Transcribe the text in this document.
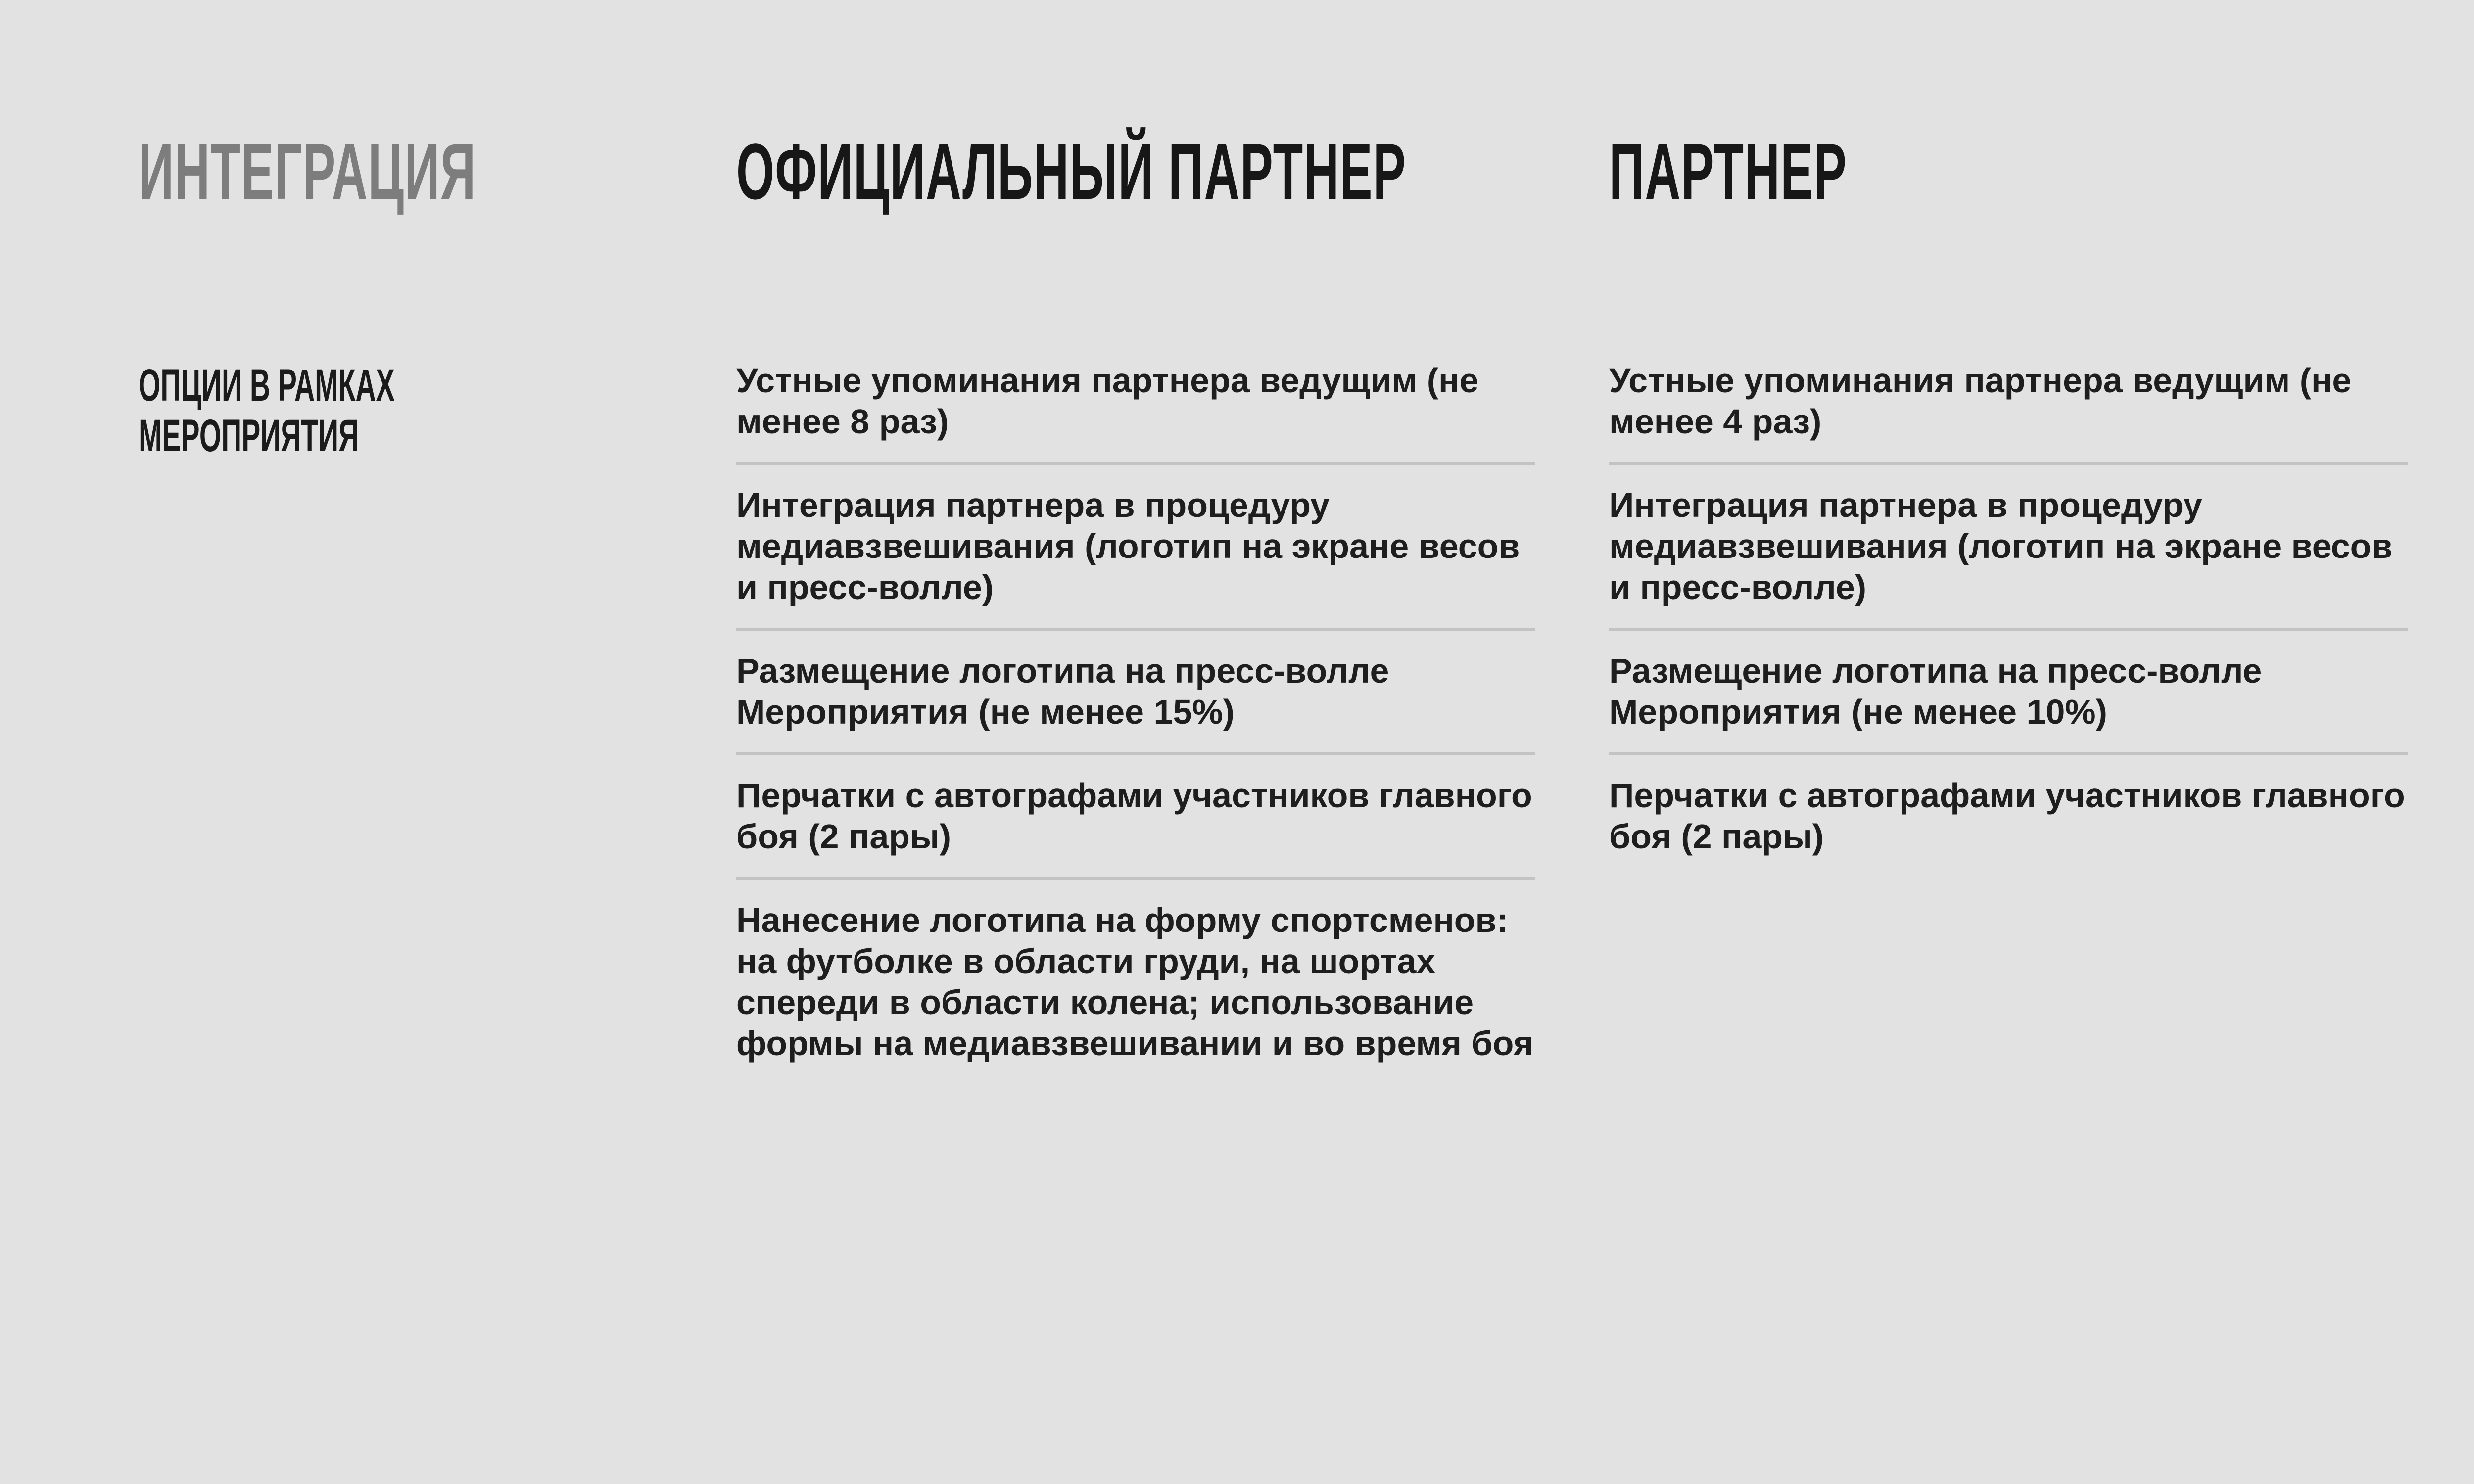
ИНТЕГРАЦИЯ	ОФИЦИАЛЬНЫЙ ПАРТНЕР	ПАРТНЕР
ОПЦИИ В РАМКАХ
МЕРОПРИЯТИЯ
Устные упоминания партнера ведущим (не менее 8 раз)
Интеграция партнера в процедуру медиавзвешивания (логотип на экране весов и пресс-волле)
Размещение логотипа на пресс-волле Мероприятия (не менее 15%)
Перчатки с автографами участников главного боя (2 пары)
Нанесение логотипа на форму спортсменов: на футболке в области груди, на шортах спереди в области колена; использование формы на медиавзвешивании и во время боя
Устные упоминания партнера ведущим (не менее 4 раз)
Интеграция партнера в процедуру медиавзвешивания (логотип на экране весов и пресс-волле)
Размещение логотипа на пресс-волле Мероприятия (не менее 10%)
Перчатки с автографами участников главного боя (2 пары)
